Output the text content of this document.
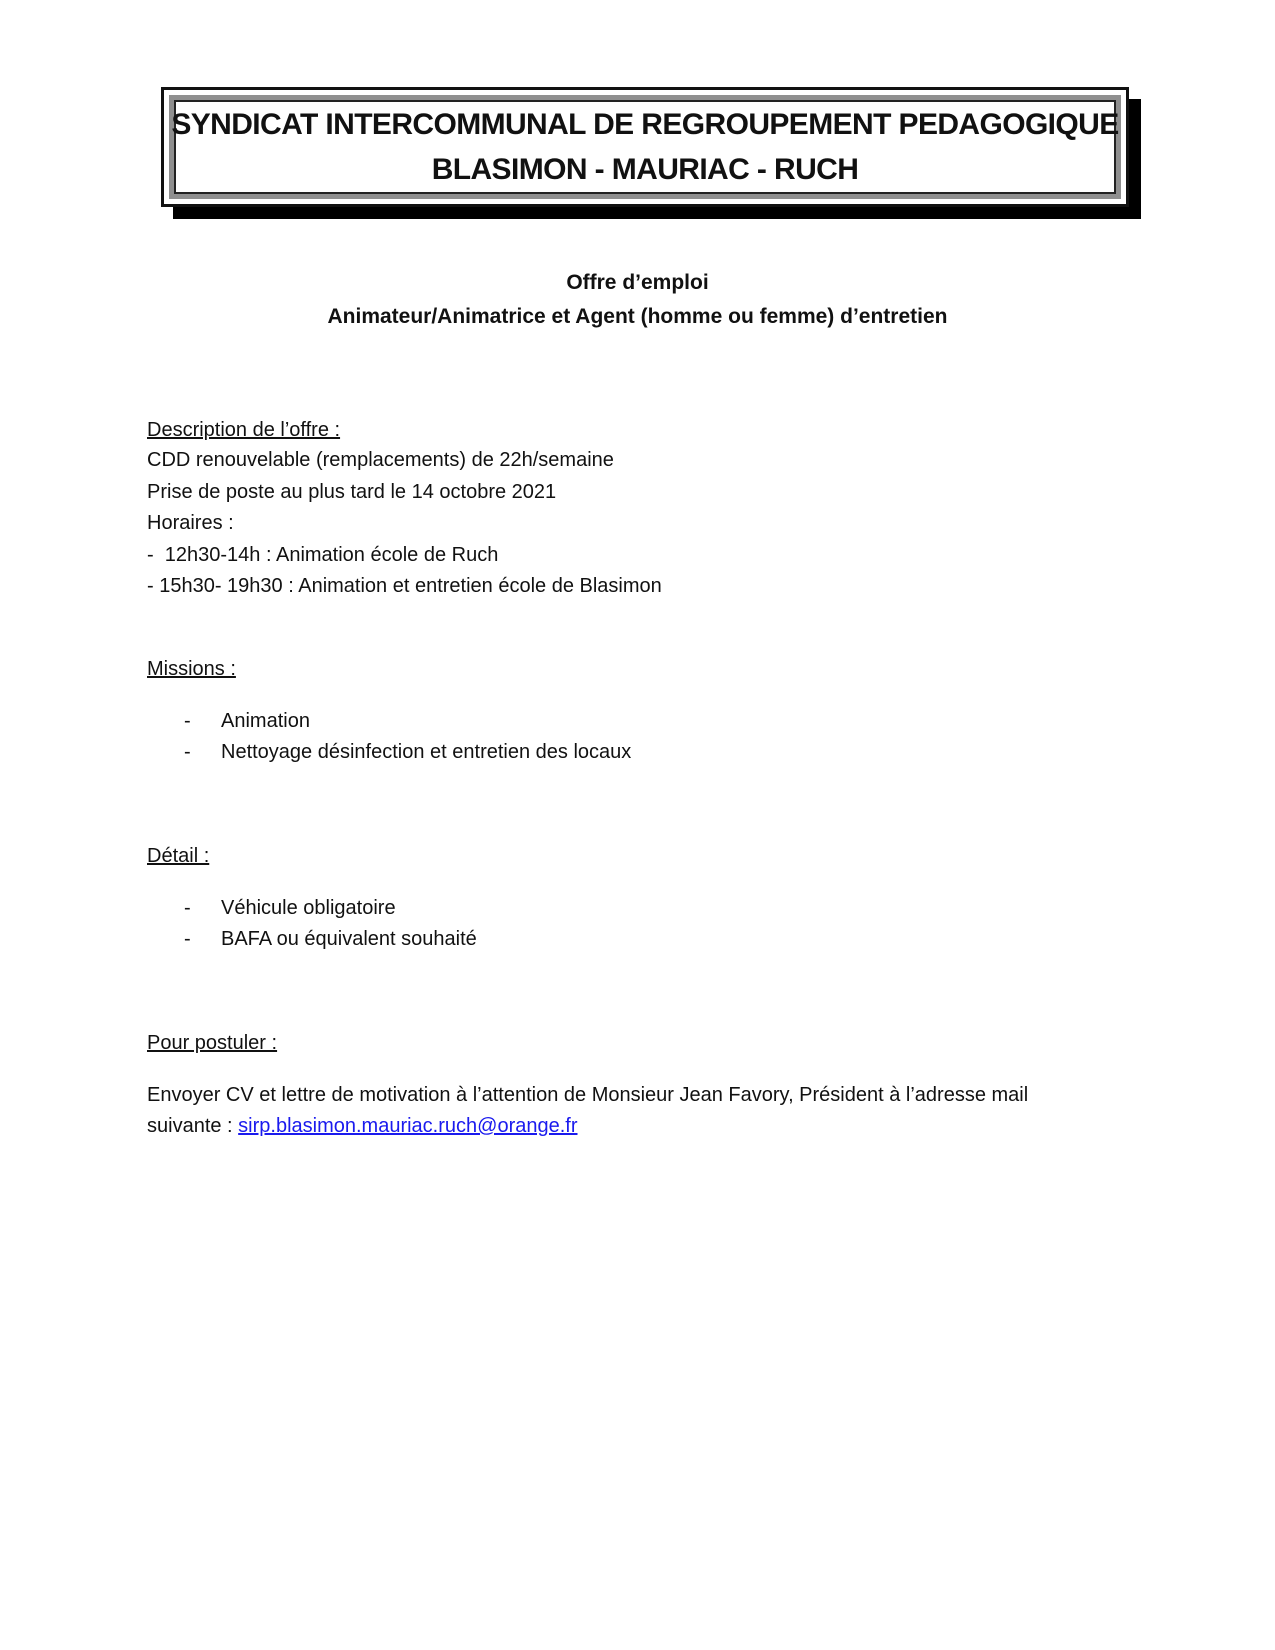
SYNDICAT INTERCOMMUNAL DE REGROUPEMENT PEDAGOGIQUE
BLASIMON - MAURIAC - RUCH
Offre d’emploi
Animateur/Animatrice et Agent (homme ou femme) d’entretien
Description de l’offre :
CDD renouvelable (remplacements) de 22h/semaine
Prise de poste au plus tard le 14 octobre 2021
Horaires :
-  12h30-14h : Animation école de Ruch
- 15h30- 19h30 : Animation et entretien école de Blasimon
Missions :
- Animation
- Nettoyage désinfection et entretien des locaux
Détail :
- Véhicule obligatoire
- BAFA ou équivalent souhaité
Pour postuler :
Envoyer CV et lettre de motivation à l’attention de Monsieur Jean Favory, Président à l’adresse mail
suivante : sirp.blasimon.mauriac.ruch@orange.fr
